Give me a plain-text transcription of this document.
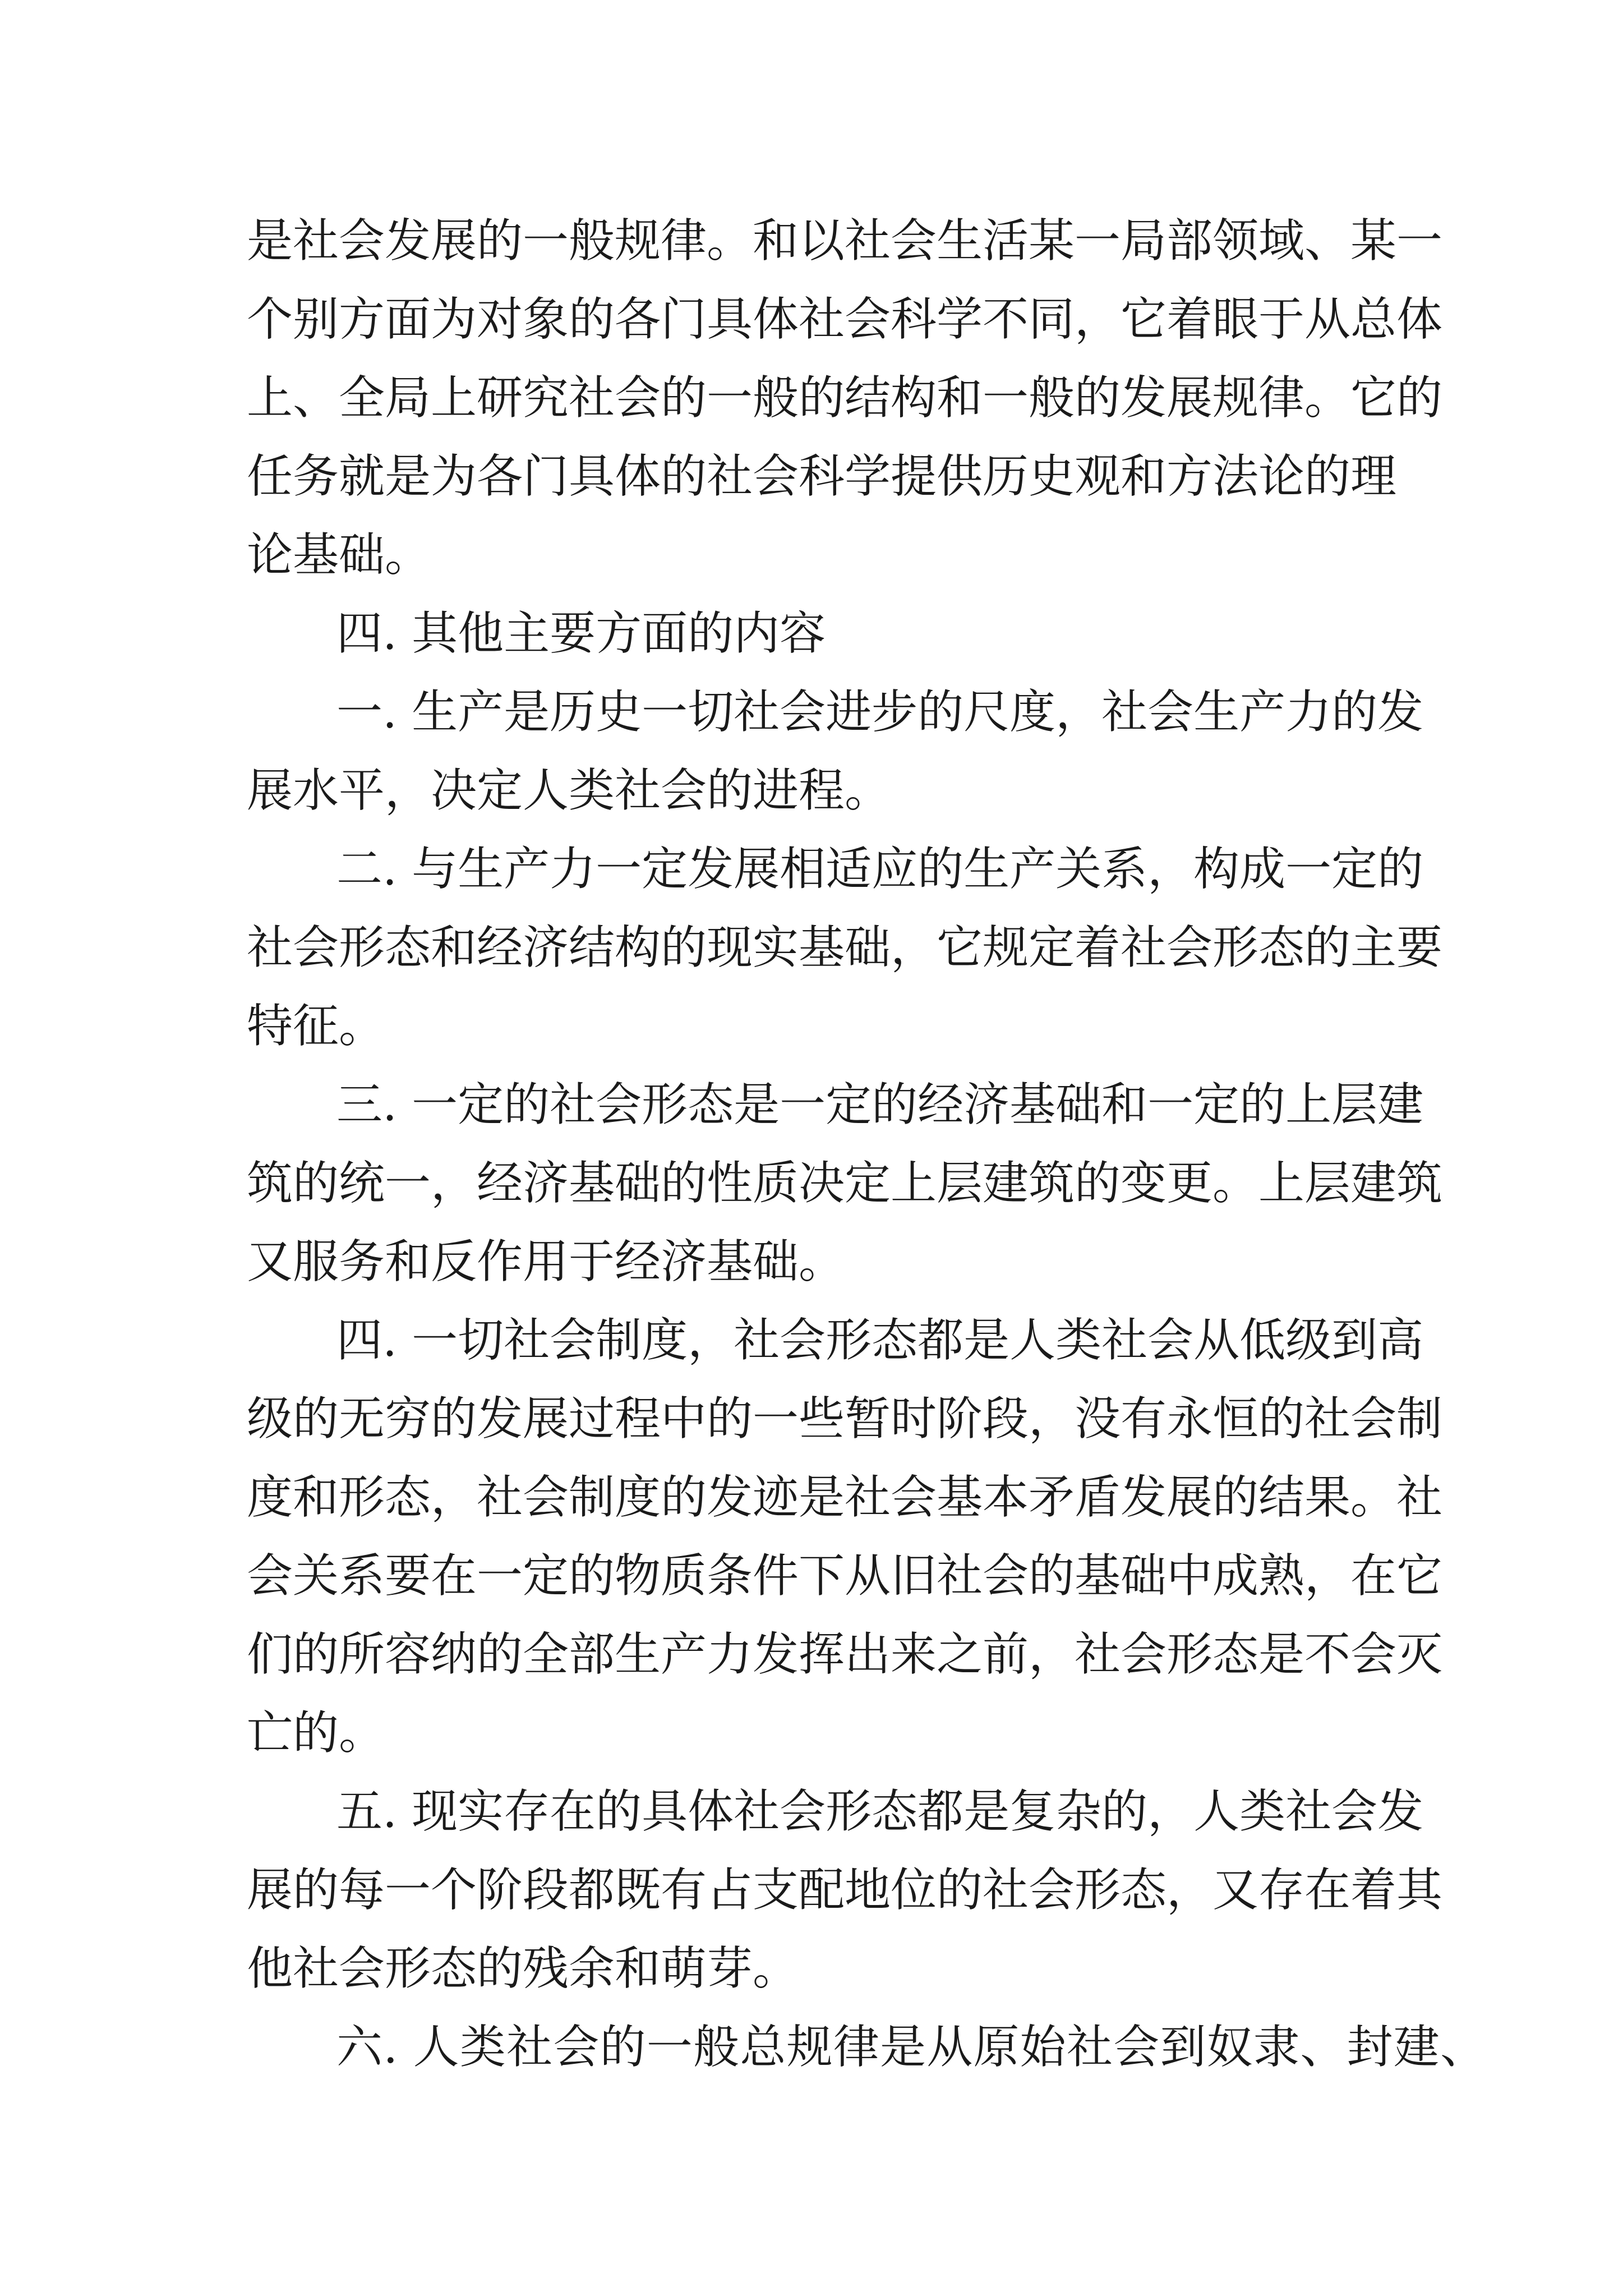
是社会发展的一般规律。和以社会生活某一局部领域、某一
个别方面为对象的各门具体社会科学不同，它着眼于从总体
上、全局上研究社会的一般的结构和一般的发展规律。它的
任务就是为各门具体的社会科学提供历史观和方法论的理
论基础。
四. 其他主要方面的内容
一. 生产是历史一切社会进步的尺度，社会生产力的发
展水平，决定人类社会的进程。
二. 与生产力一定发展相适应的生产关系，构成一定的
社会形态和经济结构的现实基础，它规定着社会形态的主要
特征。
三. 一定的社会形态是一定的经济基础和一定的上层建
筑的统一，经济基础的性质决定上层建筑的变更。上层建筑
又服务和反作用于经济基础。
四. 一切社会制度，社会形态都是人类社会从低级到高
级的无穷的发展过程中的一些暂时阶段，没有永恒的社会制
度和形态，社会制度的发迹是社会基本矛盾发展的结果。社
会关系要在一定的物质条件下从旧社会的基础中成熟，在它
们的所容纳的全部生产力发挥出来之前，社会形态是不会灭
亡的。
五. 现实存在的具体社会形态都是复杂的，人类社会发
展的每一个阶段都既有占支配地位的社会形态，又存在着其
他社会形态的残余和萌芽。
六. 人类社会的一般总规律是从原始社会到奴隶、封建、
